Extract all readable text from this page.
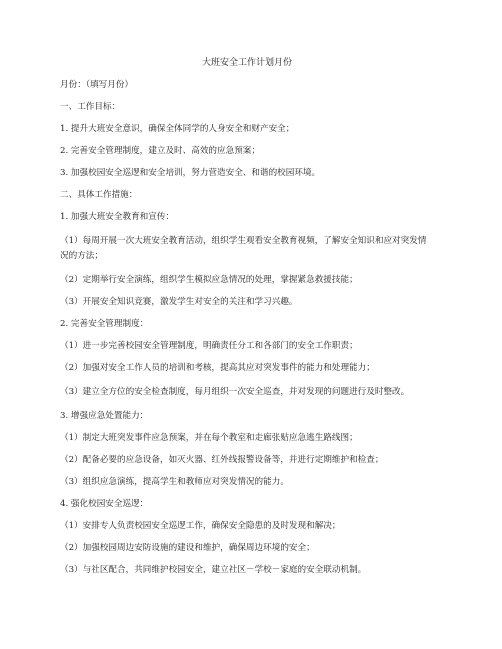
大班安全工作计划月份

月份：（填写月份）

一、工作目标：

1. 提升大班安全意识，确保全体同学的人身安全和财产安全；

2. 完善安全管理制度，建立及时、高效的应急预案；

3. 加强校园安全巡逻和安全培训，努力营造安全、和谐的校园环境。

二、具体工作措施：

1. 加强大班安全教育和宣传：

（1）每周开展一次大班安全教育活动，组织学生观看安全教育视频，了解安全知识和应对突发情况的方法；

（2）定期举行安全演练，组织学生模拟应急情况的处理，掌握紧急救援技能；

（3）开展安全知识竞赛，激发学生对安全的关注和学习兴趣。

2. 完善安全管理制度：

（1）进一步完善校园安全管理制度，明确责任分工和各部门的安全工作职责；

（2）加强对安全工作人员的培训和考核，提高其应对突发事件的能力和处理能力；

（3）建立全方位的安全检查制度，每月组织一次安全巡查，并对发现的问题进行及时整改。

3. 增强应急处置能力：

（1）制定大班突发事件应急预案，并在每个教室和走廊张贴应急逃生路线图；

（2）配备必要的应急设备，如灭火器、红外线报警设备等，并进行定期维护和检查；

（3）组织应急演练，提高学生和教师应对突发情况的能力。

4. 强化校园安全巡逻：

（1）安排专人负责校园安全巡逻工作，确保安全隐患的及时发现和解决；

（2）加强校园周边安防设施的建设和维护，确保周边环境的安全；

（3）与社区配合，共同维护校园安全，建立社区－学校－家庭的安全联动机制。
